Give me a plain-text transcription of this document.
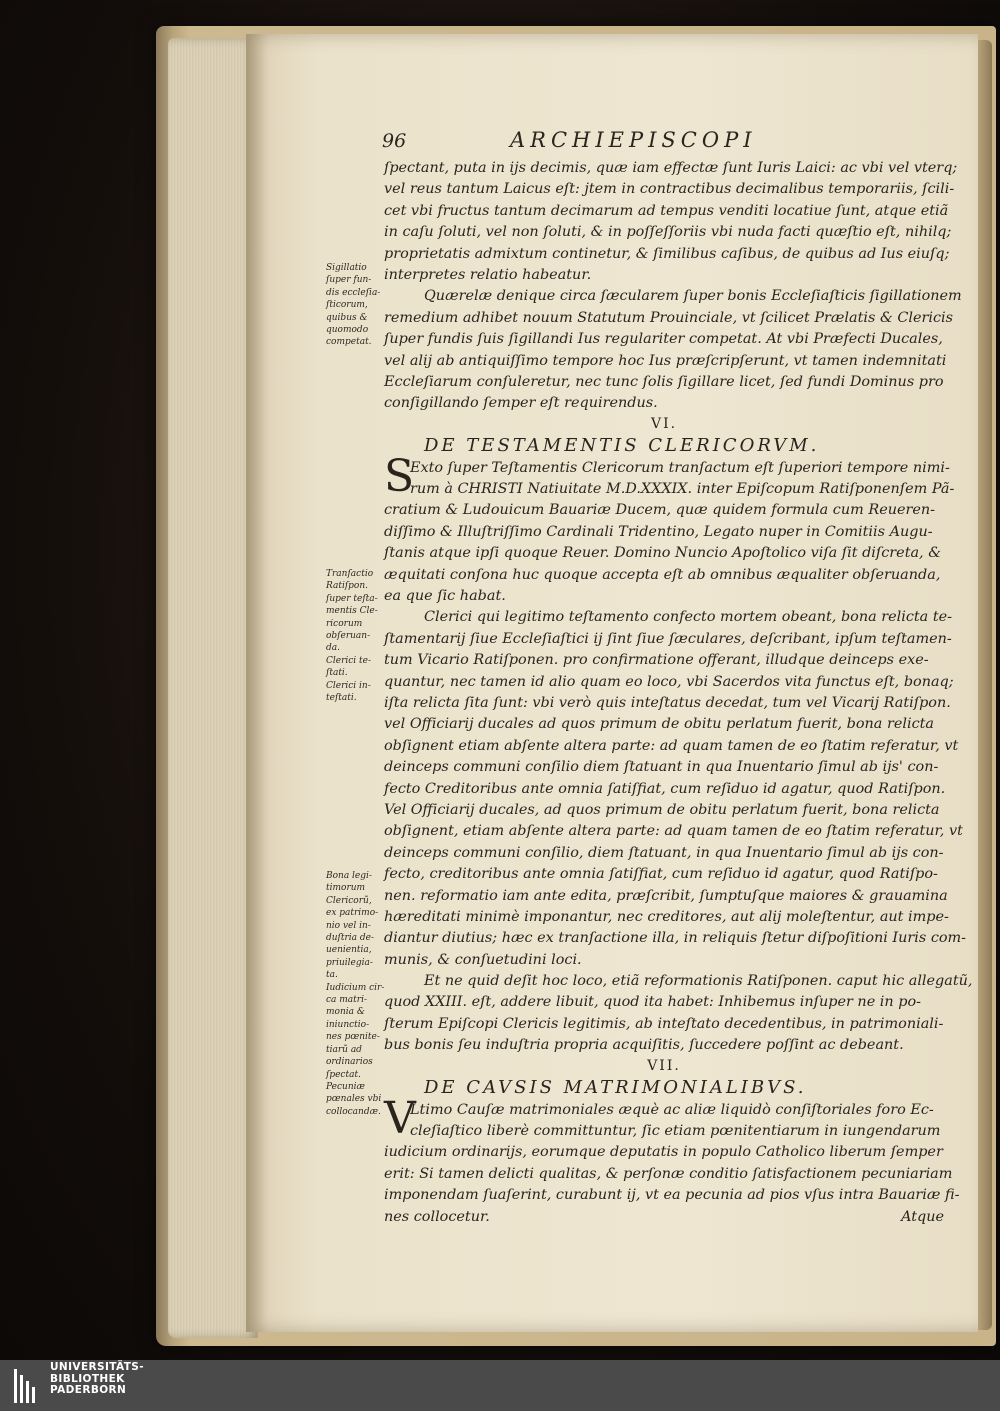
96	ARCHIEPISCOPI
ſpectant, puta in ijs decimis, quæ iam effectæ ſunt Iuris Laici: ac vbi vel vterq;
vel reus tantum Laicus eſt: jtem in contractibus decimalibus temporariis, ſcili-
cet vbi fructus tantum decimarum ad tempus venditi locatiue ſunt, atque etiã
in caſu ſoluti, vel non ſoluti, & in poſſeſſoriis vbi nuda facti quæſtio eſt, nihilq;
proprietatis admixtum continetur, & ſimilibus caſibus, de quibus ad Ius eiuſq;
interpretes relatio habeatur.
Quærelæ denique circa ſæcularem ſuper bonis Eccleſiaſticis ſigillationem
remedium adhibet nouum Statutum Prouinciale, vt ſcilicet Prælatis & Clericis
ſuper fundis ſuis ſigillandi Ius regulariter competat. At vbi Præfecti Ducales,
vel alij ab antiquiſſimo tempore hoc Ius præſcripſerunt, vt tamen indemnitati
Eccleſiarum conſuleretur, nec tunc ſolis ſigillare licet, ſed fundi Dominus pro
conſigillando ſemper eſt requirendus.
VI.
DE TESTAMENTIS CLERICORVM.
S
Exto ſuper Teſtamentis Clericorum tranſactum eſt ſuperiori tempore nimi-
rum à CHRISTI Natiuitate M.D.XXXIX. inter Epiſcopum Ratiſponenſem Pã-
cratium & Ludouicum Bauariæ Ducem, quæ quidem formula cum Reueren-
diſſimo & Illuſtriſſimo Cardinali Tridentino, Legato nuper in Comitiis Augu-
ſtanis atque ipſi quoque Reuer. Domino Nuncio Apoſtolico viſa ſit diſcreta, &
æquitati conſona huc quoque accepta eſt ab omnibus æqualiter obſeruanda,
ea que ſic habat.
Clerici qui legitimo teſtamento confecto mortem obeant, bona relicta te-
ſtamentarij ſiue Eccleſiaſtici ij ſint ſiue ſæculares, deſcribant, ipſum teſtamen-
tum Vicario Ratiſponen. pro confirmatione offerant, illudque deinceps exe-
quantur, nec tamen id alio quam eo loco, vbi Sacerdos vita functus eſt, bonaq;
iſta relicta ſita ſunt: vbi verò quis inteſtatus decedat, tum vel Vicarij Ratiſpon.
vel Officiarij ducales ad quos primum de obitu perlatum fuerit, bona relicta
obſignent etiam abſente altera parte: ad quam tamen de eo ſtatim referatur, vt
deinceps communi conſilio diem ſtatuant in qua Inuentario ſimul ab ijs' con-
fecto Creditoribus ante omnia ſatiſfiat, cum reſiduo id agatur, quod Ratiſpon.
Vel Officiarij ducales, ad quos primum de obitu perlatum fuerit, bona relicta
obſignent, etiam abſente altera parte: ad quam tamen de eo ſtatim referatur, vt
deinceps communi conſilio, diem ſtatuant, in qua Inuentario ſimul ab ijs con-
fecto, creditoribus ante omnia ſatiſfiat, cum reſiduo id agatur, quod Ratiſpo-
nen. reformatio iam ante edita, præſcribit, ſumptuſque maiores & grauamina
hæreditati minimè imponantur, nec creditores, aut alij moleſtentur, aut impe-
diantur diutius; hæc ex tranſactione illa, in reliquis ſtetur diſpoſitioni Iuris com-
munis, & conſuetudini loci.
Et ne quid deſit hoc loco, etiã reformationis Ratiſponen. caput hic allegatũ,
quod XXIII. eſt, addere libuit, quod ita habet: Inhibemus inſuper ne in po-
ſterum Epiſcopi Clericis legitimis, ab inteſtato decedentibus, in patrimoniali-
bus bonis ſeu induſtria propria acquiſitis, ſuccedere poſſint ac debeant.
VII.
DE CAVSIS MATRIMONIALIBVS.
V
Ltimo Cauſæ matrimoniales æquè ac aliæ liquidò conſiſtoriales foro Ec-
cleſiaſtico liberè committuntur, ſic etiam pœnitentiarum in iungendarum
iudicium ordinarijs, eorumque deputatis in populo Catholico liberum ſemper
erit: Si tamen delicti qualitas, & perſonæ conditio ſatisfactionem pecuniariam
imponendam ſuaſerint, curabunt ij, vt ea pecunia ad pios vſus intra Bauariæ fi-
nes collocetur.	Atque
Sigillatio
ſuper fun-
dis eccleſia-
ſticorum,
quibus &
quomodo
competat.
Tranſactio
Ratiſpon.
ſuper teſta-
mentis Cle-
ricorum
obſeruan-
da.
Clerici te-
ſtati.
Clerici in-
teſtati.
Bona legi-
timorum
Clericorũ,
ex patrimo-
nio vel in-
duſtria de-
uenientia,
priuilegia-
ta.
Iudicium cir-
ca matri-
monia &
iniunctio-
nes pœnite-
tiarũ ad
ordinarios
ſpectat.
Pecuniæ
pœnales vbi
collocandæ.
UNIVERSITÄTS-
BIBLIOTHEK
PADERBORN
